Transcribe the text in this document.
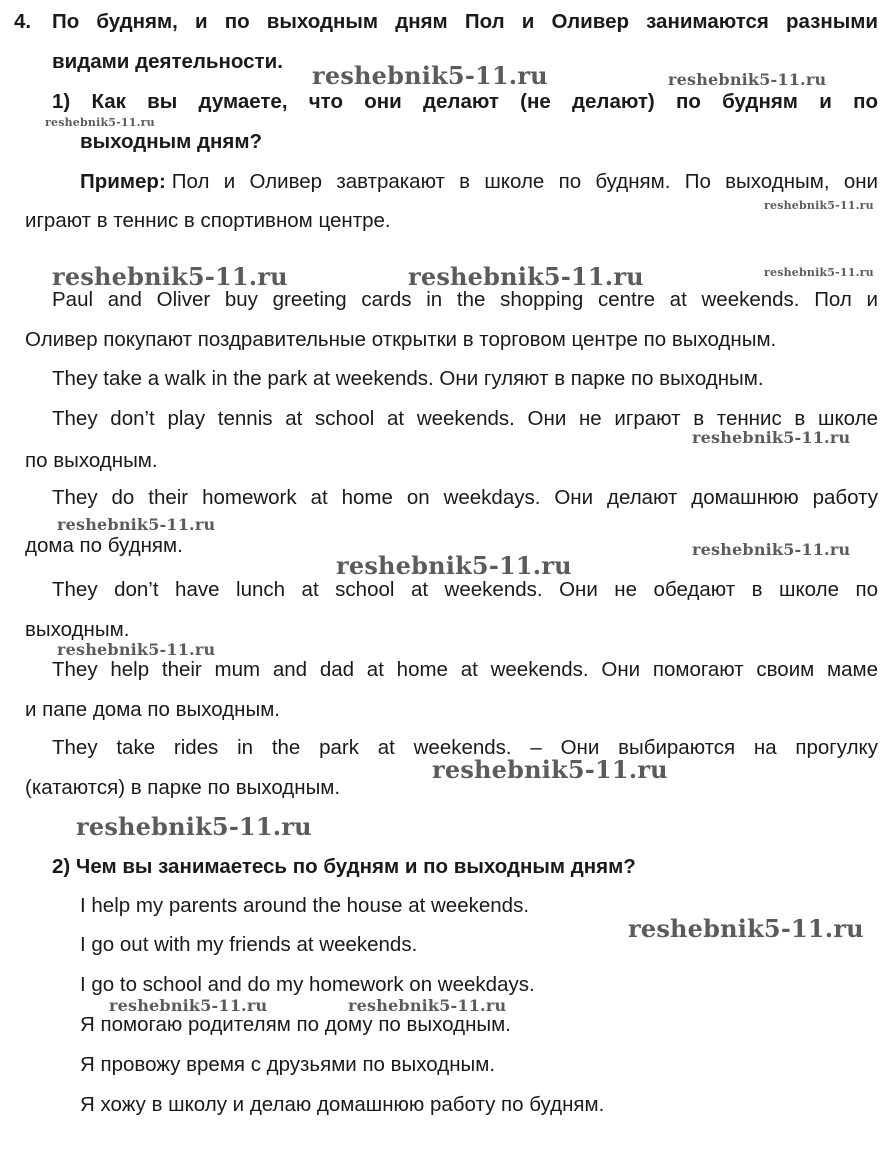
4. По будням, и по выходным дням Пол и Оливер занимаются разными

видами деятельности.

1) Как вы думаете, что они делают (не делают) по будням и по

выходным дням?

Пример: Пол и Оливер завтракают в школе по будням. По выходным, они

играют в теннис в спортивном центре.

Paul and Oliver buy greeting cards in the shopping centre at weekends. Пол и

Оливер покупают поздравительные открытки в торговом центре по выходным.

They take a walk in the park at weekends. Они гуляют в парке по выходным.

They don’t play tennis at school at weekends. Они не играют в теннис в школе

по выходным.

They do their homework at home on weekdays. Они делают домашнюю работу

дома по будням.

They don’t have lunch at school at weekends. Они не обедают в школе по

выходным.

They help their mum and dad at home at weekends. Они помогают своим маме

и папе дома по выходным.

They take rides in the park at weekends. – Они выбираются на прогулку

(катаются) в парке по выходным.

2) Чем вы занимаетесь по будням и по выходным дням?

I help my parents around the house at weekends.

I go out with my friends at weekends.

I go to school and do my homework on weekdays.

Я помогаю родителям по дому по выходным.

Я провожу время с друзьями по выходным.

Я хожу в школу и делаю домашнюю работу по будням.

reshebnik5-11.ru	reshebnik5-11.ru
reshebnik5-11.ru
reshebnik5-11.ru
reshebnik5-11.ru	reshebnik5-11.ru	reshebnik5-11.ru
reshebnik5-11.ru
reshebnik5-11.ru
reshebnik5-11.ru
reshebnik5-11.ru
reshebnik5-11.ru
reshebnik5-11.ru
reshebnik5-11.ru
reshebnik5-11.ru
reshebnik5-11.ru	reshebnik5-11.ru
